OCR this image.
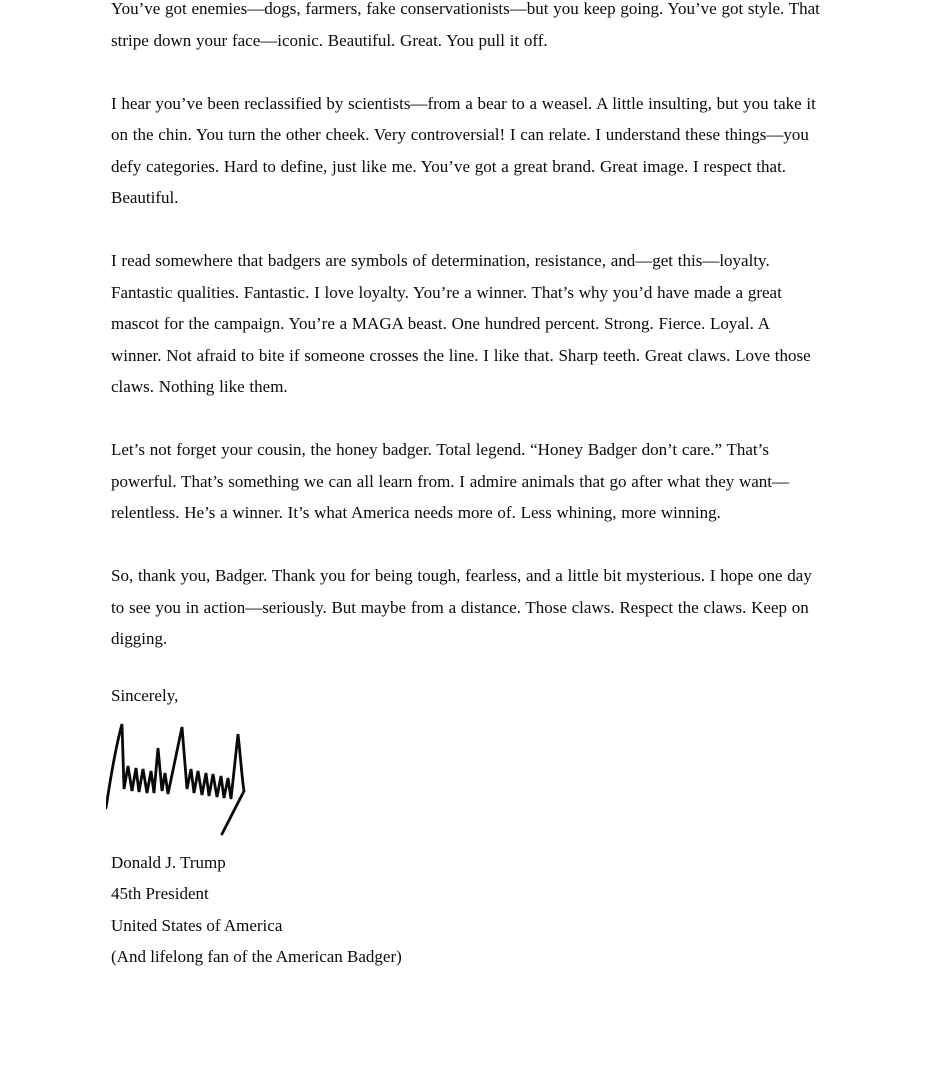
You’ve got enemies—dogs, farmers, fake conservationists—but you keep going. You’ve got style. That stripe down your face—iconic. Beautiful. Great. You pull it off.

I hear you’ve been reclassified by scientists—from a bear to a weasel. A little insulting, but you take it on the chin. You turn the other cheek. Very controversial! I can relate. I understand these things—you defy categories. Hard to define, just like me. You’ve got a great brand. Great image. I respect that. Beautiful.

I read somewhere that badgers are symbols of determination, resistance, and—get this—loyalty. Fantastic qualities. Fantastic. I love loyalty. You’re a winner. That’s why you’d have made a great mascot for the campaign. You’re a MAGA beast. One hundred percent. Strong. Fierce. Loyal. A winner. Not afraid to bite if someone crosses the line. I like that. Sharp teeth. Great claws. Love those claws. Nothing like them.

Let’s not forget your cousin, the honey badger. Total legend. “Honey Badger don’t care.” That’s powerful. That’s something we can all learn from. I admire animals that go after what they want—relentless. He’s a winner. It’s what America needs more of. Less whining, more winning.

So, thank you, Badger. Thank you for being tough, fearless, and a little bit mysterious. I hope one day to see you in action—seriously. But maybe from a distance. Those claws. Respect the claws. Keep on digging.

Sincerely,

Donald J. Trump
45th President
United States of America
(And lifelong fan of the American Badger)
